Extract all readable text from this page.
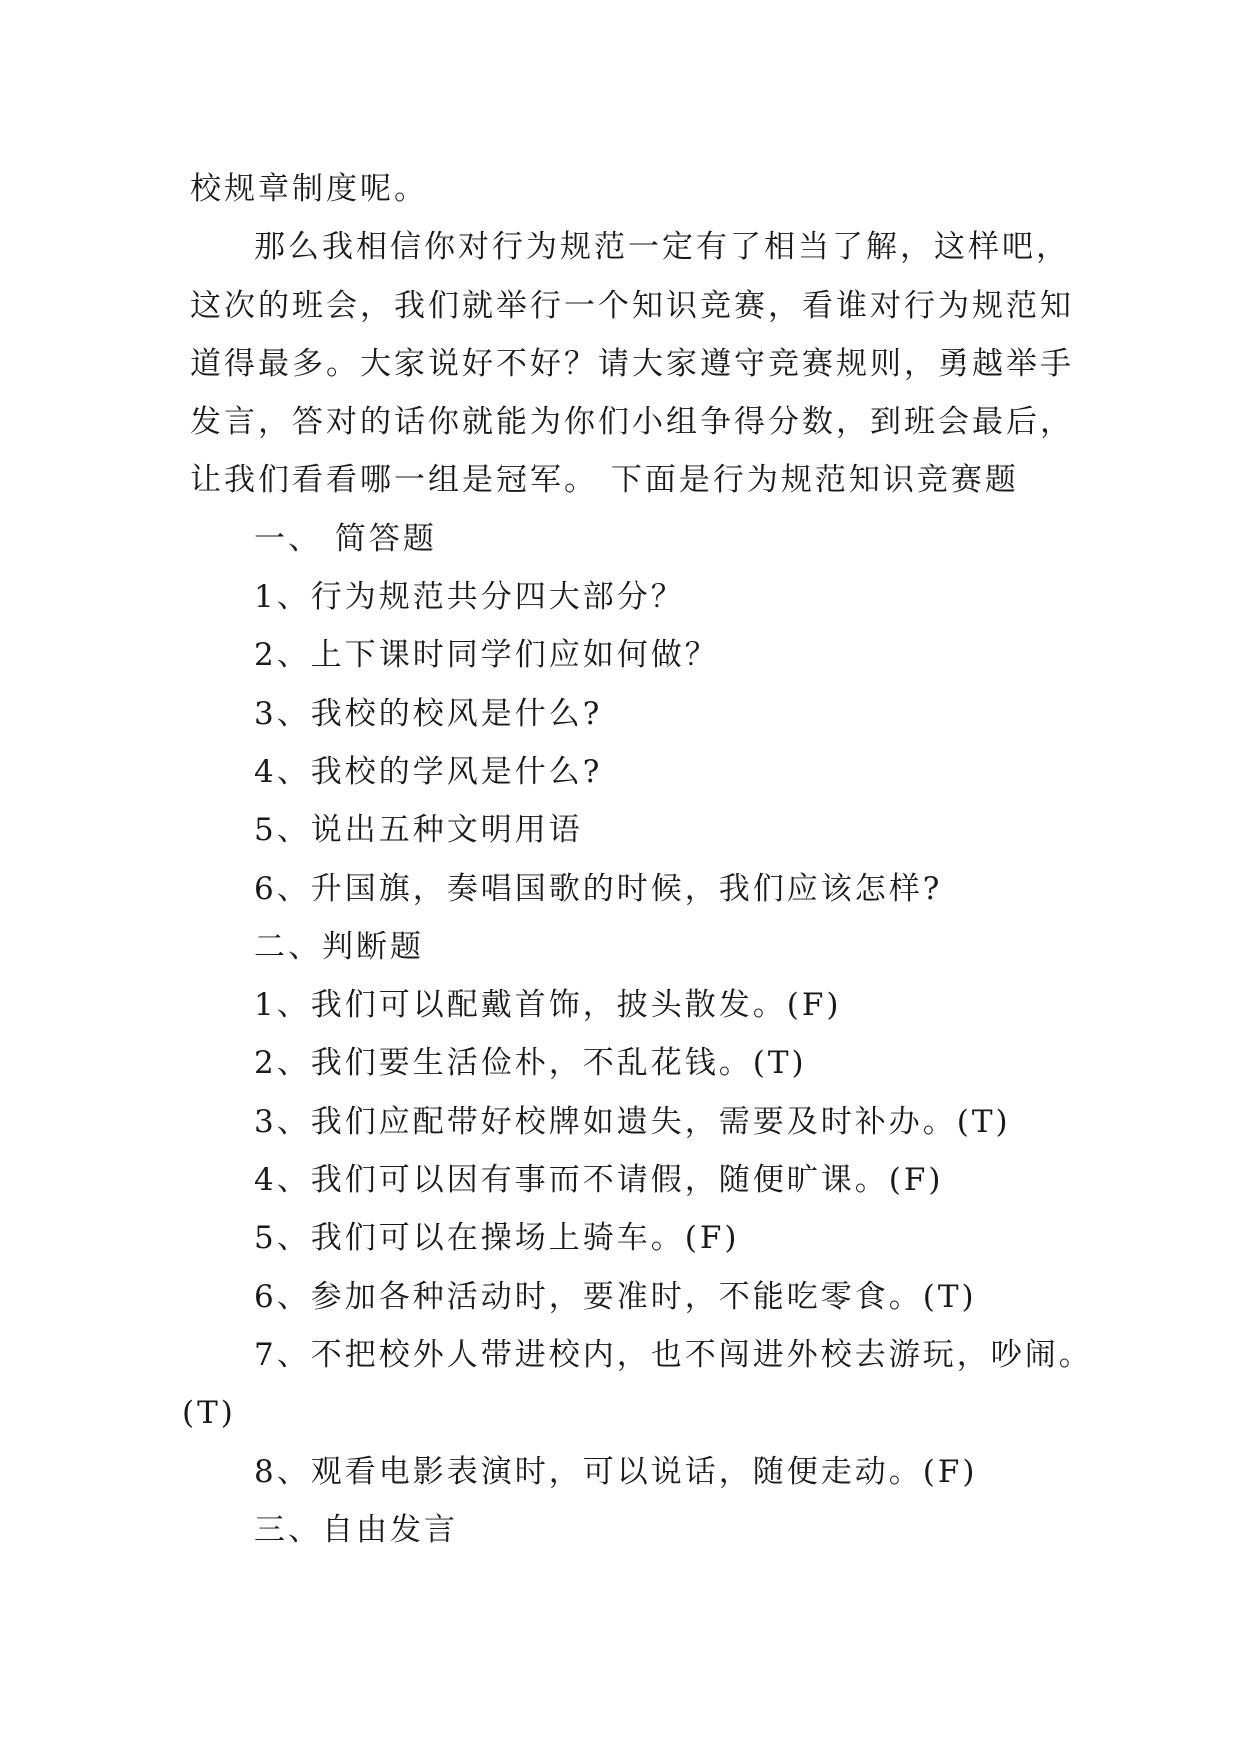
校规章制度呢。
那么我相信你对行为规范一定有了相当了解，这样吧，
这次的班会，我们就举行一个知识竞赛，看谁对行为规范知
道得最多。大家说好不好？请大家遵守竞赛规则，勇越举手
发言，答对的话你就能为你们小组争得分数，到班会最后，
让我们看看哪一组是冠军。 下面是行为规范知识竞赛题
一、 简答题
1、行为规范共分四大部分？
2、上下课时同学们应如何做？
3、我校的校风是什么?
4、我校的学风是什么?
5、说出五种文明用语
6、升国旗，奏唱国歌的时候，我们应该怎样?
二、判断题
1、我们可以配戴首饰，披头散发。(F)
2、我们要生活俭朴，不乱花钱。(T)
3、我们应配带好校牌如遗失，需要及时补办。(T)
4、我们可以因有事而不请假，随便旷课。(F)
5、我们可以在操场上骑车。(F)
6、参加各种活动时，要准时，不能吃零食。(T)
7、不把校外人带进校内，也不闯进外校去游玩，吵闹。
(T)
8、观看电影表演时，可以说话，随便走动。(F)
三、自由发言
